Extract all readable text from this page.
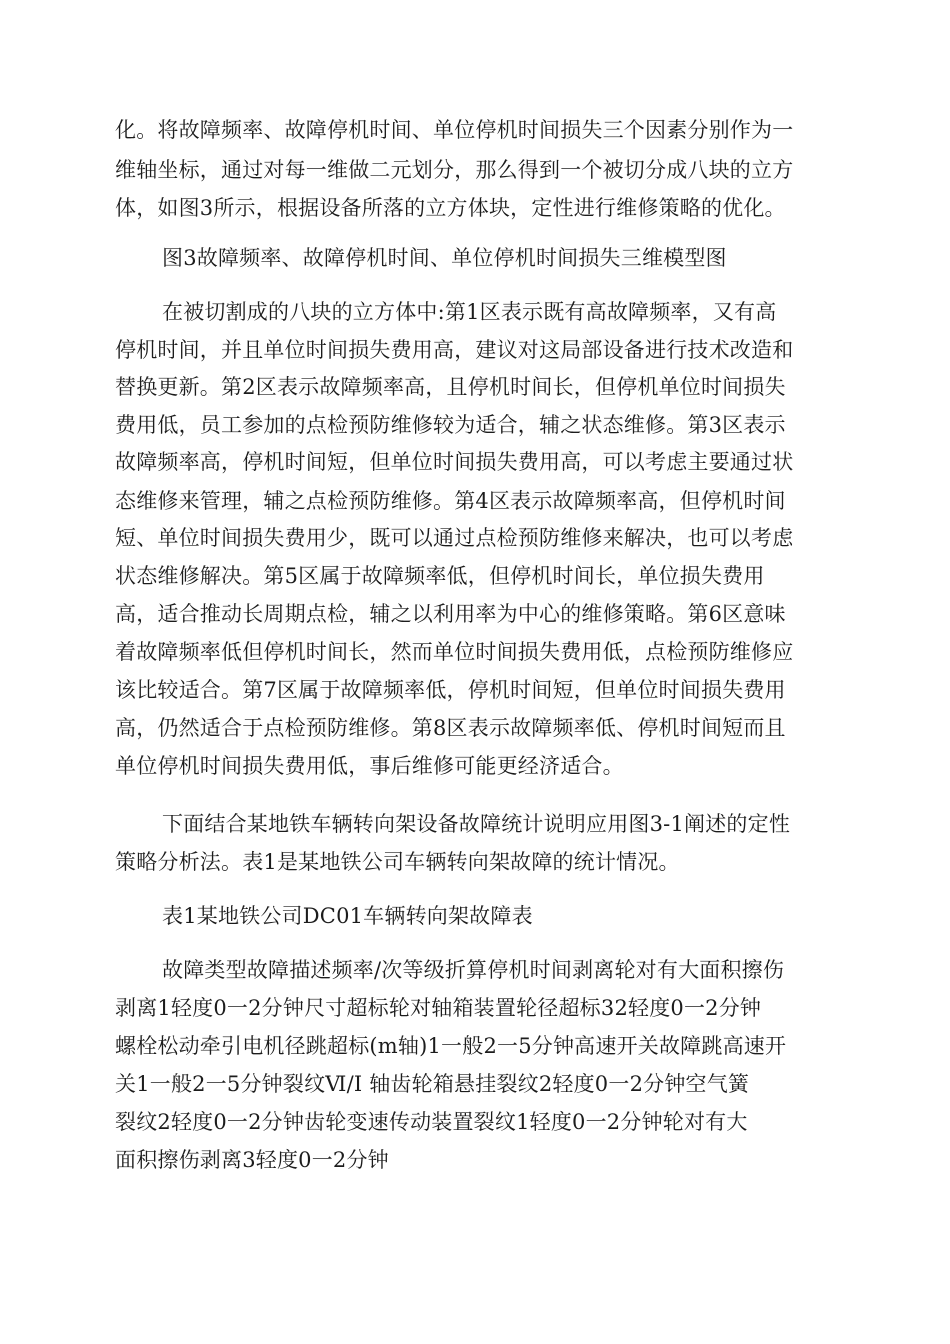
化。将故障频率、故障停机时间、单位停机时间损失三个因素分别作为一

维轴坐标，通过对每一维做二元划分，那么得到一个被切分成八块的立方

体，如图3所示，根据设备所落的立方体块，定性进行维修策略的优化。

图3故障频率、故障停机时间、单位停机时间损失三维模型图

在被切割成的八块的立方体中:第1区表示既有高故障频率，又有高

停机时间，并且单位时间损失费用高，建议对这局部设备进行技术改造和

替换更新。第2区表示故障频率高，且停机时间长，但停机单位时间损失

费用低，员工参加的点检预防维修较为适合，辅之状态维修。第3区表示

故障频率高，停机时间短，但单位时间损失费用高，可以考虑主要通过状

态维修来管理，辅之点检预防维修。第4区表示故障频率高，但停机时间

短、单位时间损失费用少，既可以通过点检预防维修来解决，也可以考虑

状态维修解决。第5区属于故障频率低，但停机时间长，单位损失费用

高，适合推动长周期点检，辅之以利用率为中心的维修策略。第6区意味

着故障频率低但停机时间长，然而单位时间损失费用低，点检预防维修应

该比较适合。第7区属于故障频率低，停机时间短，但单位时间损失费用

高，仍然适合于点检预防维修。第8区表示故障频率低、停机时间短而且

单位停机时间损失费用低，事后维修可能更经济适合。

下面结合某地铁车辆转向架设备故障统计说明应用图3-1阐述的定性

策略分析法。表1是某地铁公司车辆转向架故障的统计情况。

表1某地铁公司DC01车辆转向架故障表

故障类型故障描述频率/次等级折算停机时间剥离轮对有大面积擦伤

剥离1轻度0一2分钟尺寸超标轮对轴箱装置轮径超标32轻度0一2分钟

螺栓松动牵引电机径跳超标(m轴)1一般2一5分钟高速开关故障跳高速开

关1一般2一5分钟裂纹Ⅵ/Ⅰ 轴齿轮箱悬挂裂纹2轻度0一2分钟空气簧

裂纹2轻度0一2分钟齿轮变速传动装置裂纹1轻度0一2分钟轮对有大

面积擦伤剥离3轻度0一2分钟
